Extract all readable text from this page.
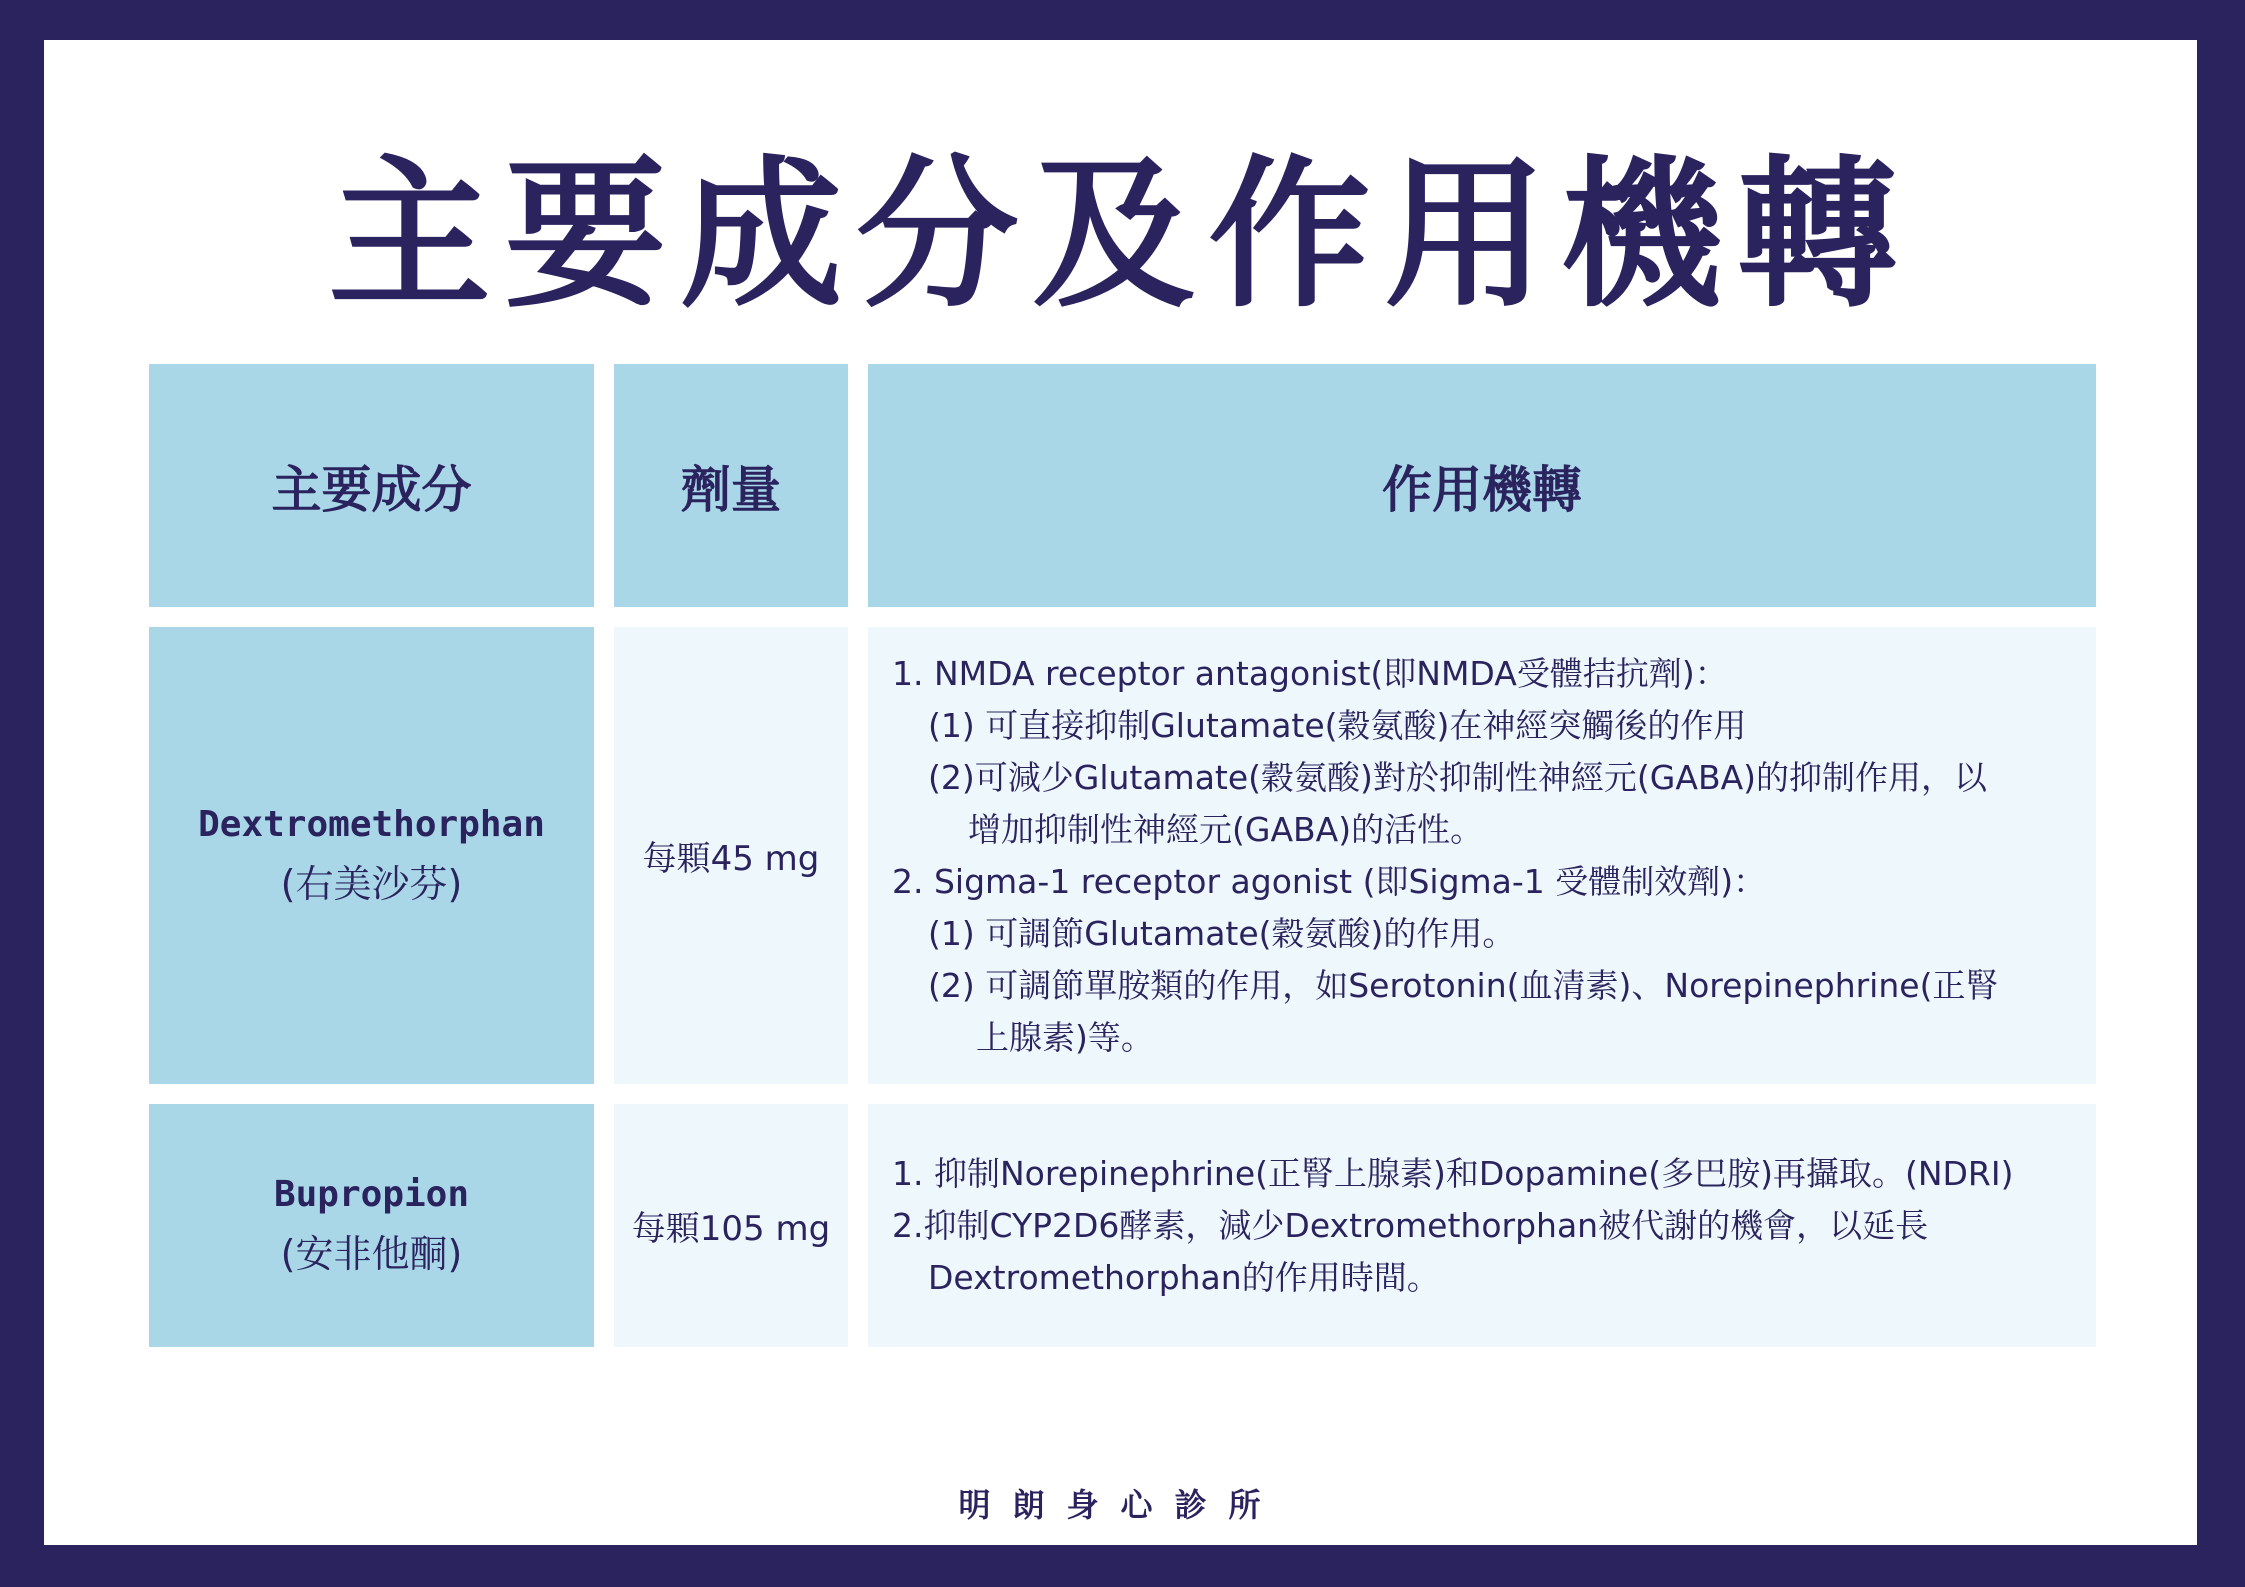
主要成分及作用機轉
主要成分	劑量	作用機轉
Dextromethorphan
(右美沙芬)
每顆45 mg
1. NMDA receptor antagonist(即NMDA受體拮抗劑)：
(1) 可直接抑制Glutamate(穀氨酸)在神經突觸後的作用
(2)可減少Glutamate(穀氨酸)對於抑制性神經元(GABA)的抑制作用，以
增加抑制性神經元(GABA)的活性。
2. Sigma-1 receptor agonist (即Sigma-1 受體制效劑)：
(1) 可調節Glutamate(穀氨酸)的作用。
(2) 可調節單胺類的作用，如Serotonin(血清素)、Norepinephrine(正腎
上腺素)等。
Bupropion
(安非他酮)
每顆105 mg
1. 抑制Norepinephrine(正腎上腺素)和Dopamine(多巴胺)再攝取。(NDRI)
2.抑制CYP2D6酵素，減少Dextromethorphan被代謝的機會，以延長
Dextromethorphan的作用時間。
明朗身心診所
